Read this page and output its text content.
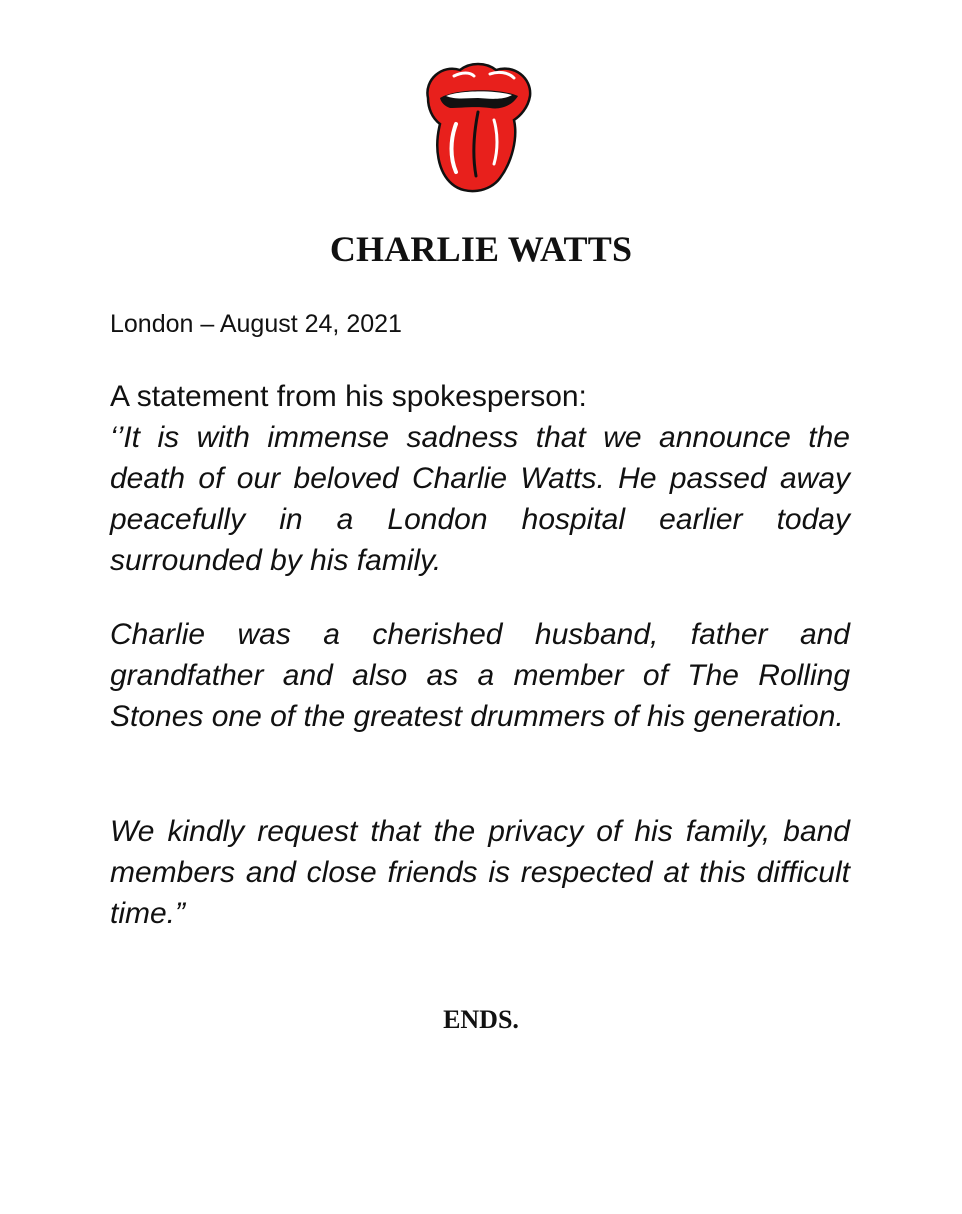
CHARLIE WATTS

London – August 24, 2021

A statement from his spokesperson:

‘’It is with immense sadness that we announce the death of our beloved Charlie Watts. He passed away peacefully in a London hospital earlier today surrounded by his family.

Charlie was a cherished husband, father and grandfather and also as a member of The Rolling Stones one of the greatest drummers of his generation.

We kindly request that the privacy of his family, band members and close friends is respected at this difficult time.”

ENDS.
